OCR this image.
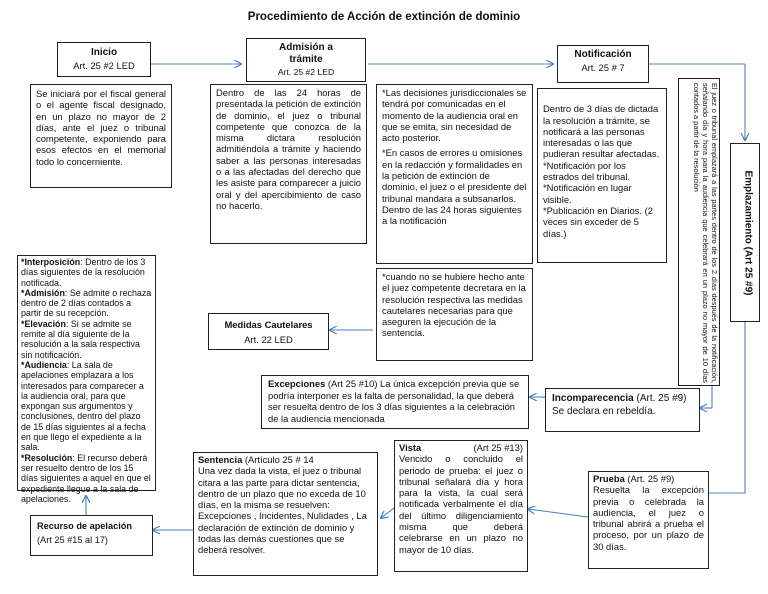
Procedimiento de Acción de extinción de dominio
Inicio
Art. 25 #2 LED
Se iniciará por el fiscal general o el agente fiscal designado, en un plazo no mayor de 2 días, ante el juez o tribunal competente, exponiendo para esos efectos en el memorial todo lo concerniente.
Admisión a trámite
Art. 25 #2 LED
Dentro de las 24 horas de presentada la petición de extinción de dominio, el juez o tribunal competente que conozca de la misma dictara resolución admitiéndola a trámite y haciendo saber a las personas interesadas o a las afectadas del derecho que les asiste para comparecer a juicio oral y del apercibimiento de caso no hacerlo.
*Las decisiones jurisdiccionales se tendrá por comunicadas en el momento de la audiencia oral en que se emita, sin necesidad de acto posterior.
*En casos de errores u omisiones en la redacción y formalidades en la petición de extinción de dominio, el juez o el presidente del tribunal mandara a subsanarlos. Dentro de las 24 horas siguientes a la notificación
*cuando no se hubiere hecho ante el juez competente decretara en la resolución respectiva las medidas cautelares necesarias para que aseguren la ejecución de la sentencia.
Medidas Cautelares
Art. 22 LED
Notificación
Art. 25 # 7

Dentro de 3 días de dictada la resolución a trámite, se notificará a las personas interesadas o las que pudieran resultar afectadas.
*Notificación por los estrados del tribunal.
*Notificación en lugar visible.
*Publicación en Diarios. (2 veces sin exceder de 5 días.)	El juez o tribunal emplazará a las partes dentro de los 2 días después de la notificación, señalando día y hora para la audiencia que celebrará en un plazo no mayor de 10 días contados a partir de la resolución
Emplazamiento (Art 25 #9)
*Interposición: Dentro de los 3 días siguientes de la resolución notificada.
*Admisión: Se admite o rechaza dentro de 2 días contados a partir de su recepción.
*Elevación: Si se admite se remite al día siguiente de la resolución a la sala respectiva sin notificación.
*Audiencia: La sala de apelaciones emplazara a los interesados para comparecer a la audiencia oral, para que expongan sus argumentos y conclusiones, dentro del plazo de 15 días siguientes al a fecha en que llego el expediente a la sala.
*Resolución: El recurso deberá ser resuelto dentro de los 15 días siguientes a aquel en que el expediente llegue a la sala de apelaciones.
Excepciones (Art 25 #10) La única excepción previa que se podría interponer es la falta de personalidad, la que deberá ser resuelta dentro de los 3 días siguientes a la celebración de la audiencia mencionada
Incomparecencia (Art. 25 #9) Se declara en rebeldía.
Vista	(Art 25 #13)
Vencido o concluido el periodo de prueba: el juez o tribunal señalará día y hora para la vista, la cual será notificada verbalmente el día del último diligenciamiento misma que deberá celebrarse en un plazo no mayor de 10 días.
Sentencia (Artículo 25 # 14
Una vez dada la vista, el juez o tribunal citara a las parte para dictar sentencia, dentro de un plazo que no exceda de 10 días, en la misma se resuelven: Excepciones , Incidentes, Nulidades , La declaración de extinción de dominio y todas las demás cuestiones que se deberá resolver.
Prueba (Art. 25 #9)
Resuelta la excepción previa o celebrada la audiencia, el juez o tribunal abrirá a prueba el proceso, por un plazo de 30 días.
Recurso de apelación
(Art 25 #15 al 17)
